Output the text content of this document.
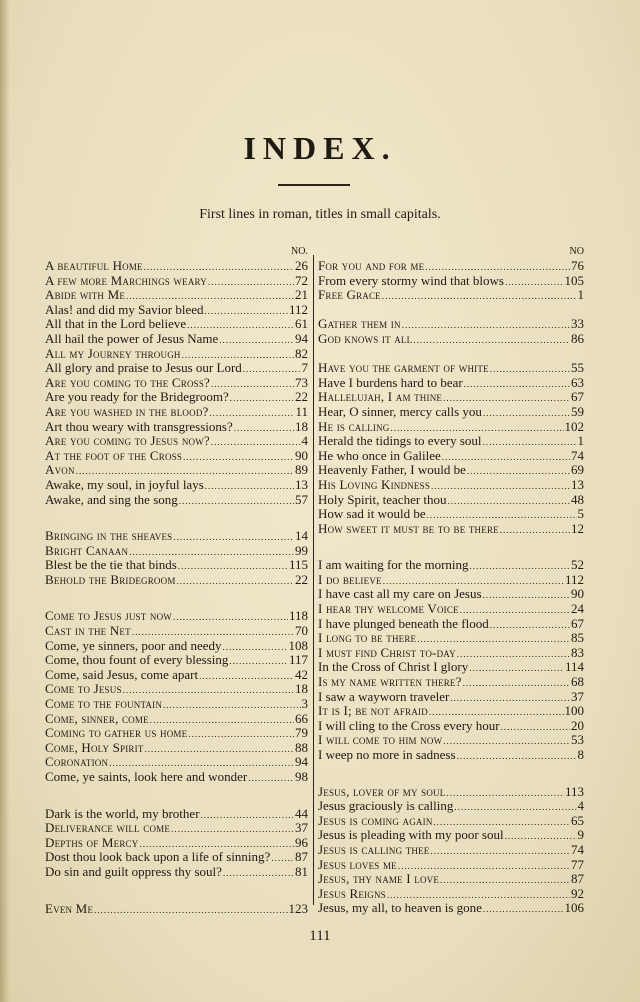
INDEX.
First lines in roman, titles in small capitals.
NO.
A beautiful Home .....	26
A few more Marchings weary .....	72
Abide with Me .....	21
Alas! and did my Savior bleed .....	112
All that in the Lord believe .....	61
All hail the power of Jesus Name .....	94
All my Journey through .....	82
All glory and praise to Jesus our Lord .....	7
Are you coming to the Cross? .....	73
Are you ready for the Bridegroom? .....	22
Are you washed in the blood? .....	11
Art thou weary with transgressions? .....	18
Are you coming to Jesus now? .....	4
At the foot of the Cross .....	90
Avon .....	89
Awake, my soul, in joyful lays .....	13
Awake, and sing the song .....	57
Bringing in the sheaves .....	14
Bright Canaan .....	99
Blest be the tie that binds .....	115
Behold the Bridegroom .....	22
Come to Jesus just now .....	118
Cast in the Net .....	70
Come, ye sinners, poor and needy .....	108
Come, thou fount of every blessing .....	117
Come, said Jesus, come apart .....	42
Come to Jesus .....	18
Come to the fountain .....	3
Come, sinner, come .....	66
Coming to gather us home .....	79
Come, Holy Spirit .....	88
Coronation .....	94
Come, ye saints, look here and wonder .....	98
Dark is the world, my brother .....	44
Deliverance will come .....	37
Depths of Mercy .....	96
Dost thou look back upon a life of sinning? ..... 87
Do sin and guilt oppress thy soul? .....	81
Even Me .....	123
NO
For you and for me .....	76
From every stormy wind that blows .....	105
Free Grace .....	1
Gather them in .....	33
God knows it all .....	86
Have you the garment of white .....	55
Have I burdens hard to bear .....	63
Hallelujah, I am thine .....	67
Hear, O sinner, mercy calls you .....	59
He is calling .....	102
Herald the tidings to every soul .....	1
He who once in Galilee .....	74
Heavenly Father, I would be .....	69
His Loving Kindness .....	13
Holy Spirit, teacher thou .....	48
How sad it would be .....	5
How sweet it must be to be there .....	12
I am waiting for the morning .....	52
I do believe .....	112
I have cast all my care on Jesus .....	90
I hear thy welcome Voice .....	24
I have plunged beneath the flood .....	67
I long to be there .....	85
I must find Christ to-day .....	83
In the Cross of Christ I glory .....	114
Is my name written there? .....	68
I saw a wayworn traveler .....	37
It is I; be not afraid .....	100
I will cling to the Cross every hour .....	20
I will come to him now .....	53
I weep no more in sadness .....	8
Jesus, lover of my soul .....	113
Jesus graciously is calling .....	4
Jesus is coming again .....	65
Jesus is pleading with my poor soul .....	9
Jesus is calling thee .....	74
Jesus loves me .....	77
Jesus, thy name I love .....	87
Jesus Reigns .....	92
Jesus, my all, to heaven is gone .....	106
111
